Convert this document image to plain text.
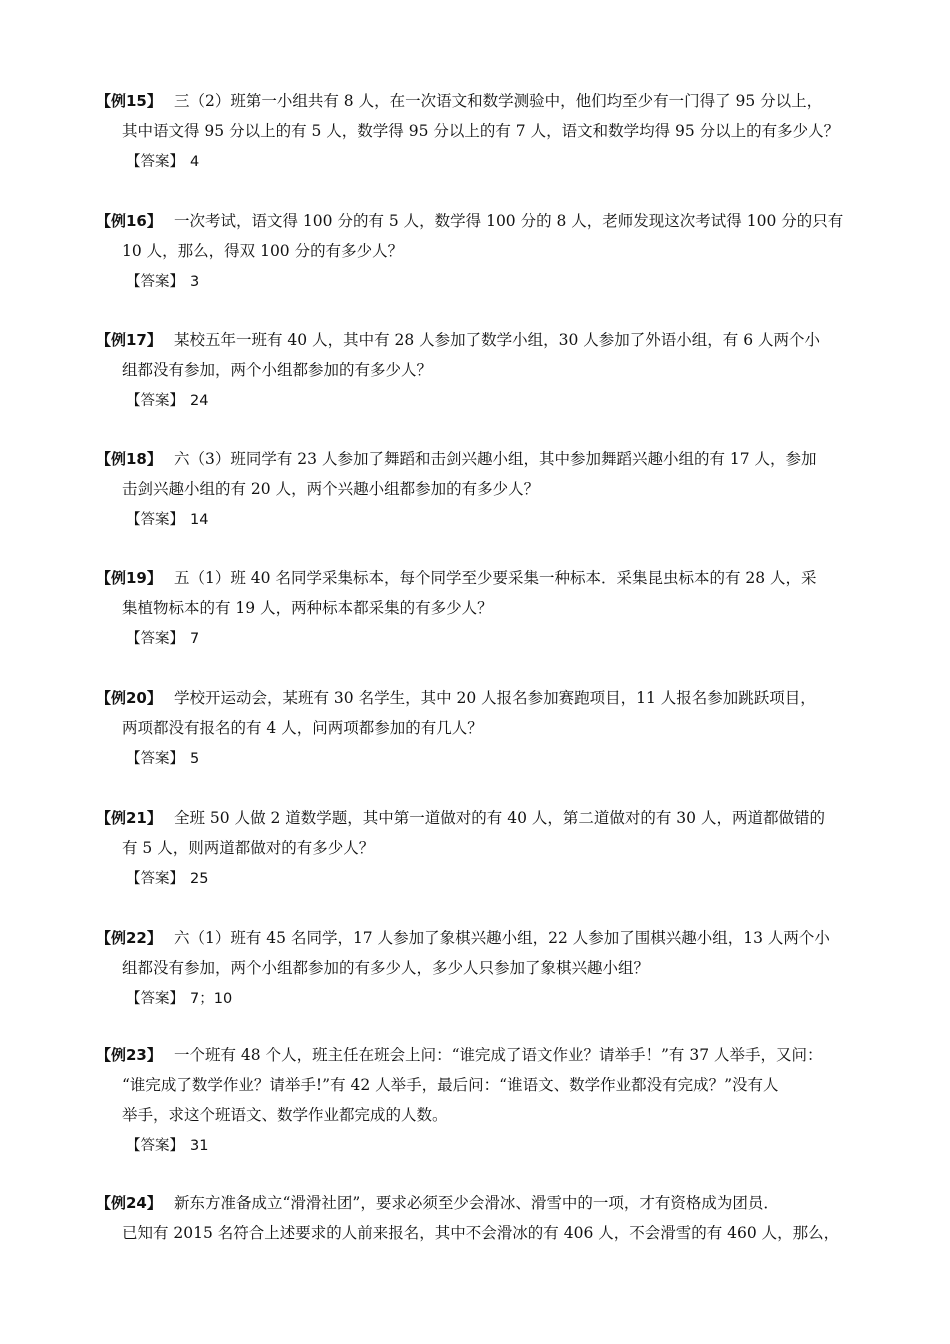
【例15】 三（2）班第一小组共有 8 人，在一次语文和数学测验中，他们均至少有一门得了 95 分以上，
其中语文得 95 分以上的有 5 人，数学得 95 分以上的有 7 人，语文和数学均得 95 分以上的有多少人？
【答案】 4
【例16】 一次考试，语文得 100 分的有 5 人，数学得 100 分的 8 人，老师发现这次考试得 100 分的只有
10 人，那么，得双 100 分的有多少人？
【答案】 3
【例17】 某校五年一班有 40 人，其中有 28 人参加了数学小组，30 人参加了外语小组，有 6 人两个小
组都没有参加，两个小组都参加的有多少人？
【答案】 24
【例18】 六（3）班同学有 23 人参加了舞蹈和击剑兴趣小组，其中参加舞蹈兴趣小组的有 17 人，参加
击剑兴趣小组的有 20 人，两个兴趣小组都参加的有多少人？
【答案】 14
【例19】 五（1）班 40 名同学采集标本，每个同学至少要采集一种标本．采集昆虫标本的有 28 人，采
集植物标本的有 19 人，两种标本都采集的有多少人？
【答案】 7
【例20】 学校开运动会，某班有 30 名学生，其中 20 人报名参加赛跑项目，11 人报名参加跳跃项目，
两项都没有报名的有 4 人，问两项都参加的有几人？
【答案】 5
【例21】 全班 50 人做 2 道数学题，其中第一道做对的有 40 人，第二道做对的有 30 人，两道都做错的
有 5 人，则两道都做对的有多少人？
【答案】 25
【例22】 六（1）班有 45 名同学，17 人参加了象棋兴趣小组，22 人参加了围棋兴趣小组，13 人两个小
组都没有参加，两个小组都参加的有多少人，多少人只参加了象棋兴趣小组？
【答案】 7；10
【例23】 一个班有 48 个人，班主任在班会上问：“谁完成了语文作业？请举手！”有 37 人举手，又问：
“谁完成了数学作业？请举手!”有 42 人举手，最后问：“谁语文、数学作业都没有完成？”没有人
举手，求这个班语文、数学作业都完成的人数。
【答案】 31
【例24】 新东方准备成立“滑滑社团”，要求必须至少会滑冰、滑雪中的一项，才有资格成为团员．
已知有 2015 名符合上述要求的人前来报名，其中不会滑冰的有 406 人，不会滑雪的有 460 人，那么，
